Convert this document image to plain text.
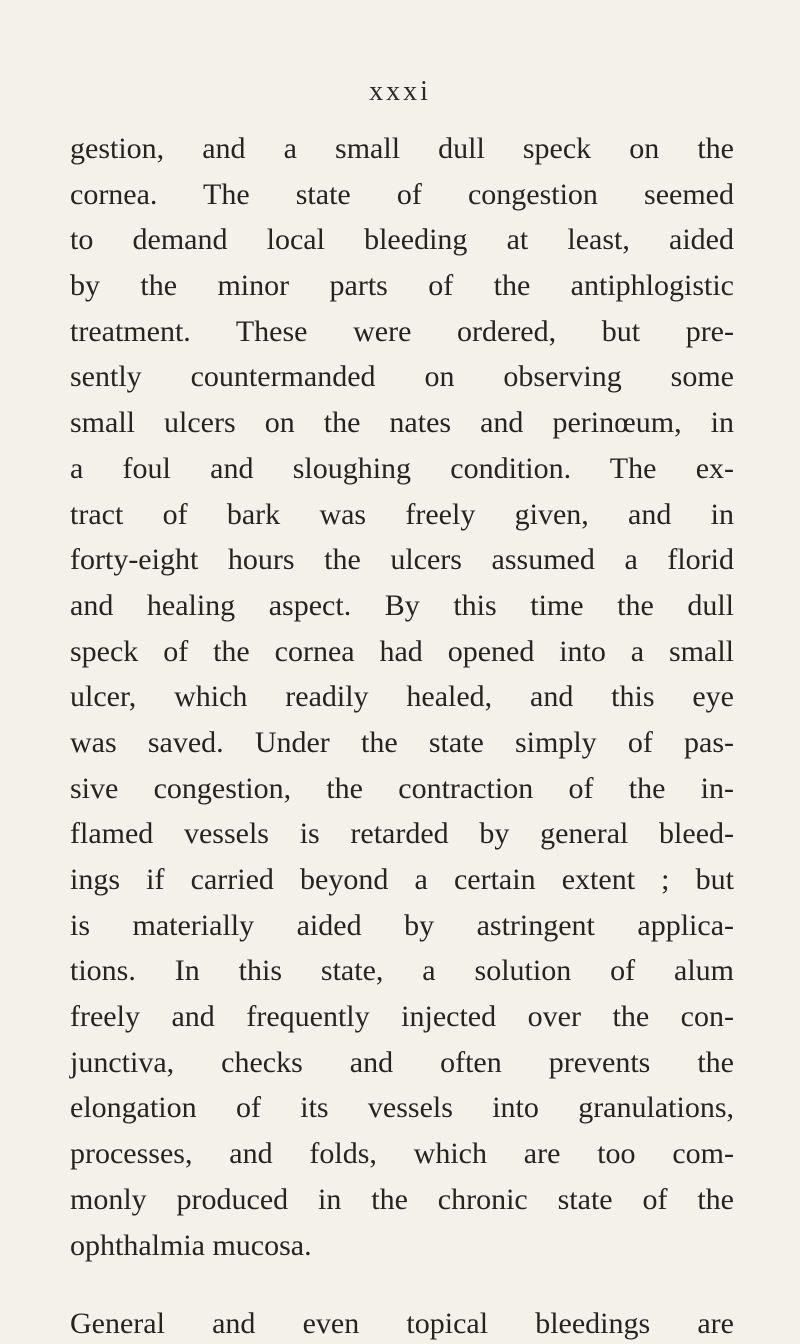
xxxi
gestion, and a small dull speck on the
cornea. The state of congestion seemed
to demand local bleeding at least, aided
by the minor parts of the antiphlogistic
treatment. These were ordered, but pre-
sently countermanded on observing some
small ulcers on the nates and perinœum, in
a foul and sloughing condition. The ex-
tract of bark was freely given, and in
forty-eight hours the ulcers assumed a florid
and healing aspect. By this time the dull
speck of the cornea had opened into a small
ulcer, which readily healed, and this eye
was saved. Under the state simply of pas-
sive congestion, the contraction of the in-
flamed vessels is retarded by general bleed-
ings if carried beyond a certain extent ; but
is materially aided by astringent applica-
tions. In this state, a solution of alum
freely and frequently injected over the con-
junctiva, checks and often prevents the
elongation of its vessels into granulations,
processes, and folds, which are too com-
monly produced in the chronic state of the
ophthalmia mucosa.
General and even topical bleedings are
